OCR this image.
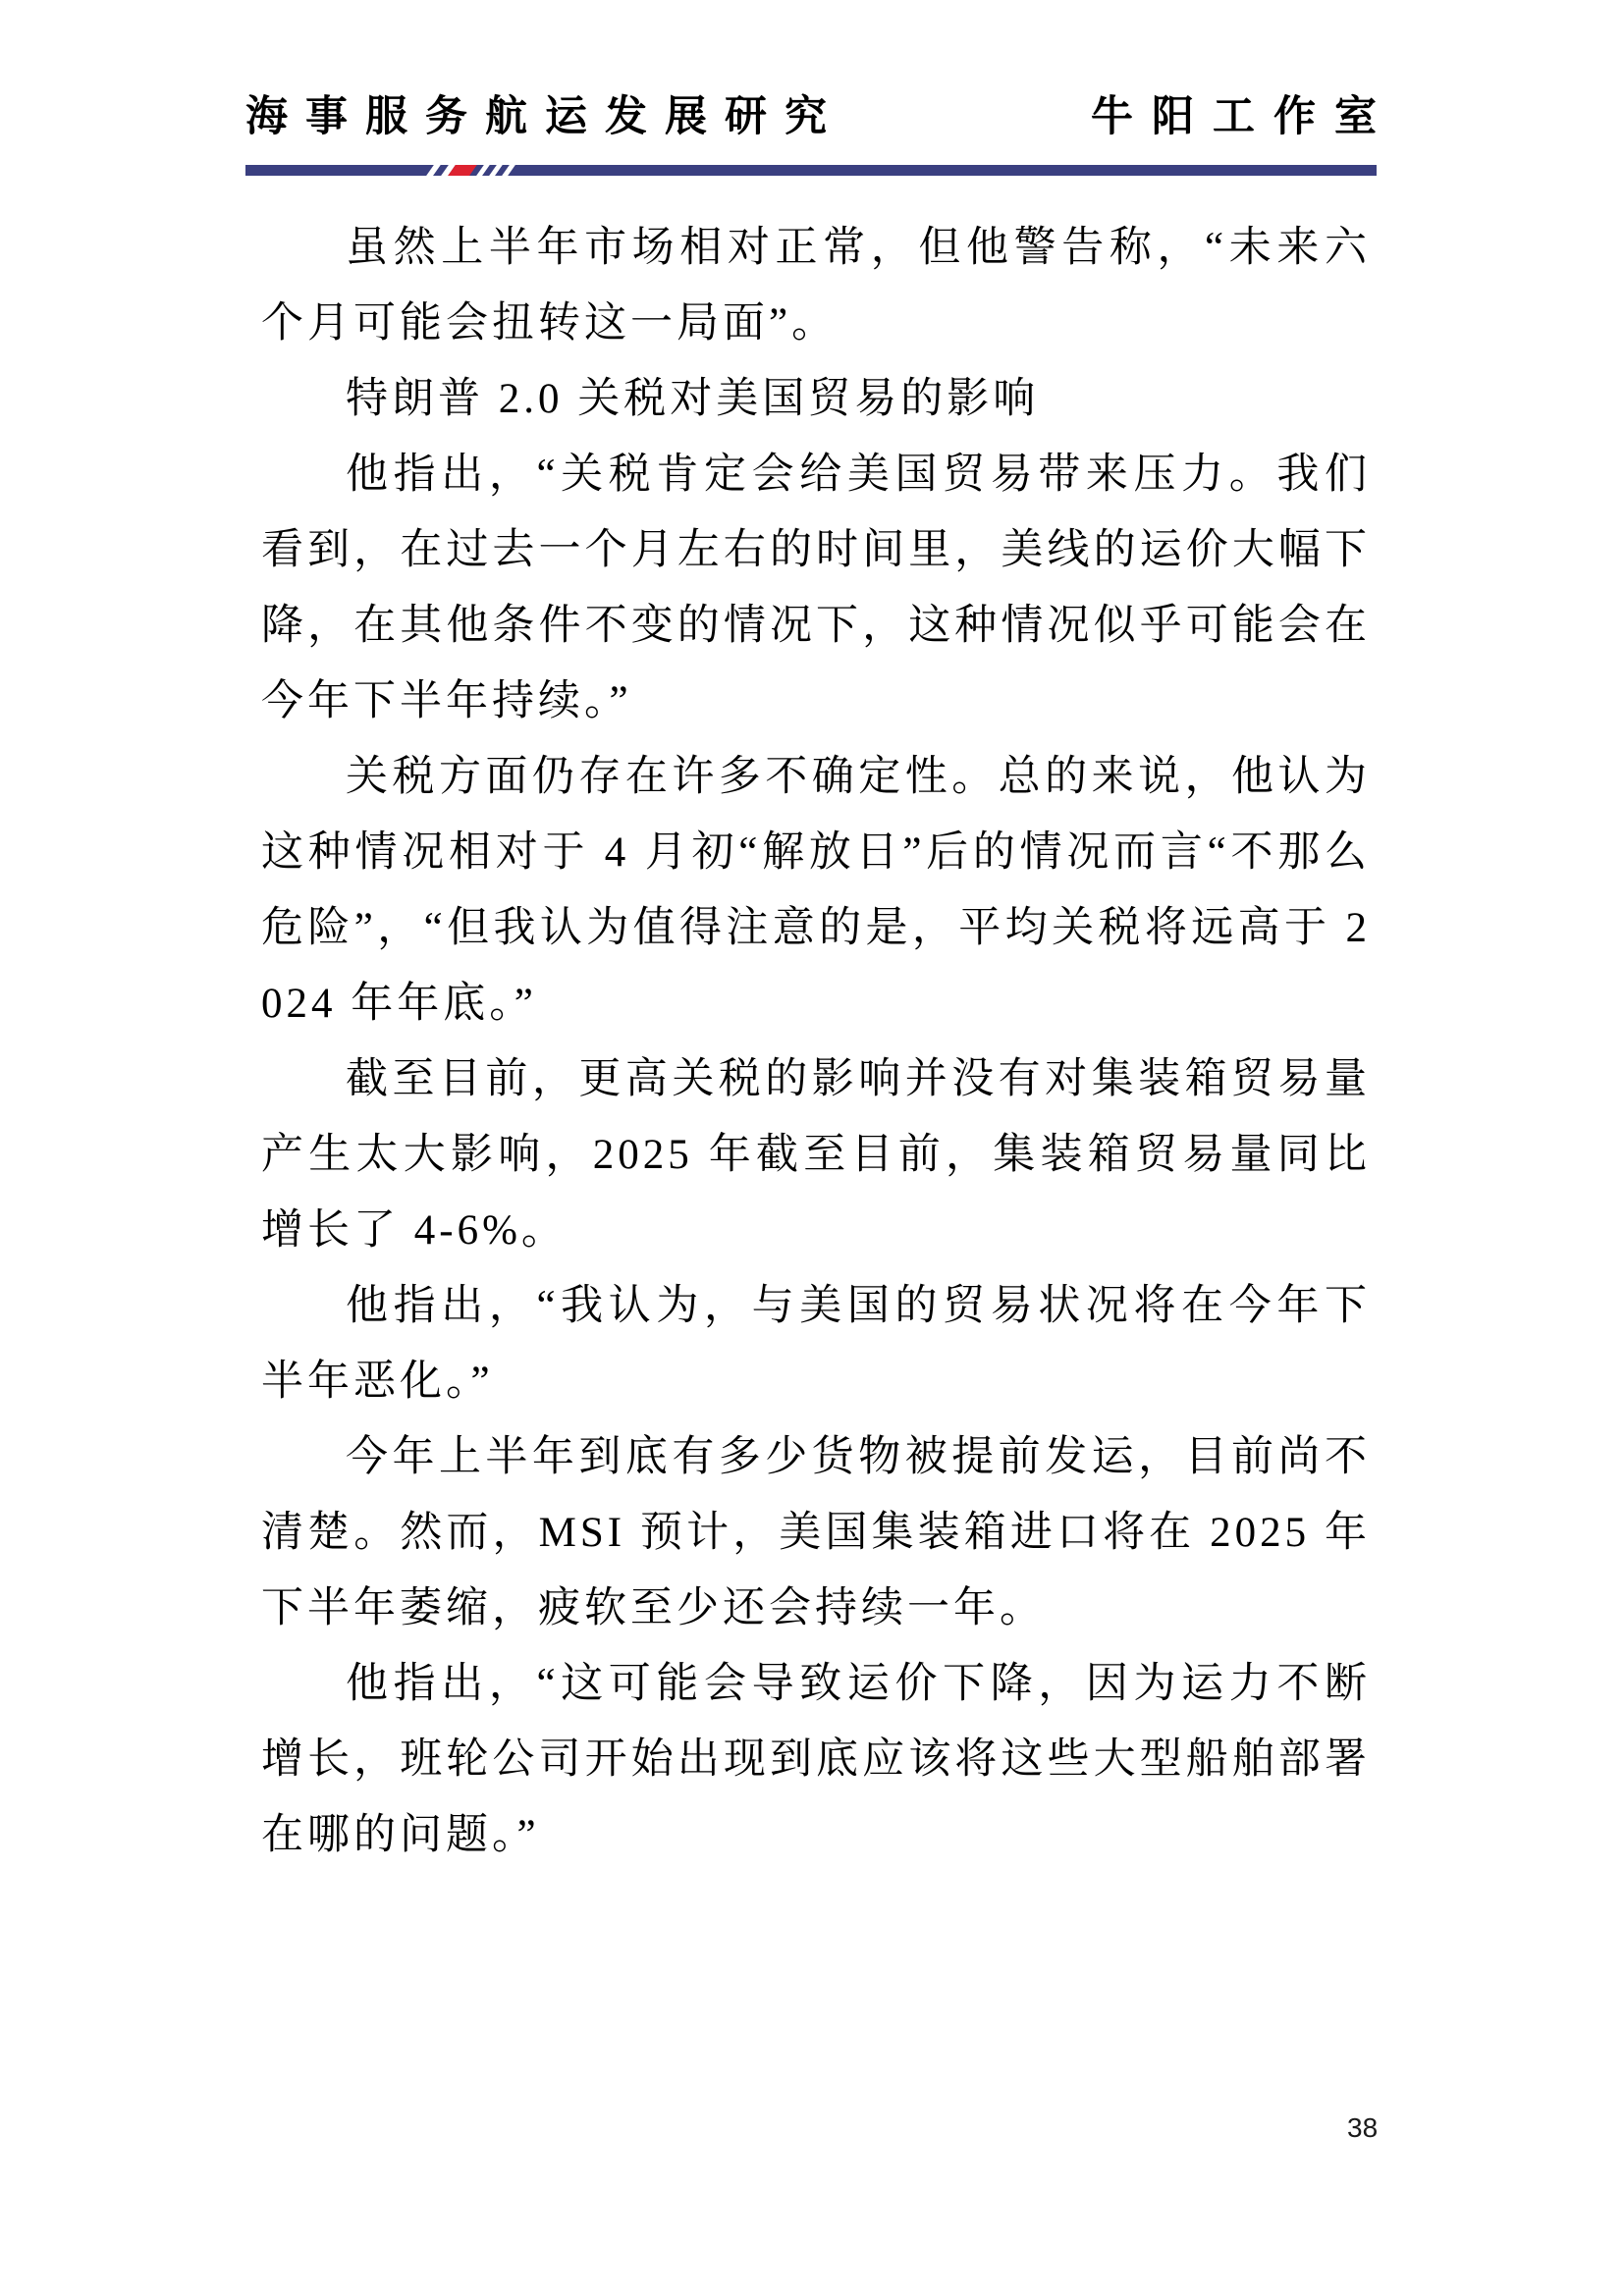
海事服务航运发展研究	牛阳工作室

虽然上半年市场相对正常，但他警告称，“未来六个月可能会扭转这一局面”。

特朗普 2.0 关税对美国贸易的影响

他指出，“关税肯定会给美国贸易带来压力。我们看到，在过去一个月左右的时间里，美线的运价大幅下降，在其他条件不变的情况下，这种情况似乎可能会在今年下半年持续。”

关税方面仍存在许多不确定性。总的来说，他认为这种情况相对于 4 月初“解放日”后的情况而言“不那么危险”，“但我认为值得注意的是，平均关税将远高于 2024 年年底。”

截至目前，更高关税的影响并没有对集装箱贸易量产生太大影响，2025 年截至目前，集装箱贸易量同比增长了 4-6%。

他指出，“我认为，与美国的贸易状况将在今年下半年恶化。”

今年上半年到底有多少货物被提前发运，目前尚不清楚。然而，MSI 预计，美国集装箱进口将在 2025 年下半年萎缩，疲软至少还会持续一年。

他指出，“这可能会导致运价下降，因为运力不断增长，班轮公司开始出现到底应该将这些大型船舶部署在哪的问题。”

38
